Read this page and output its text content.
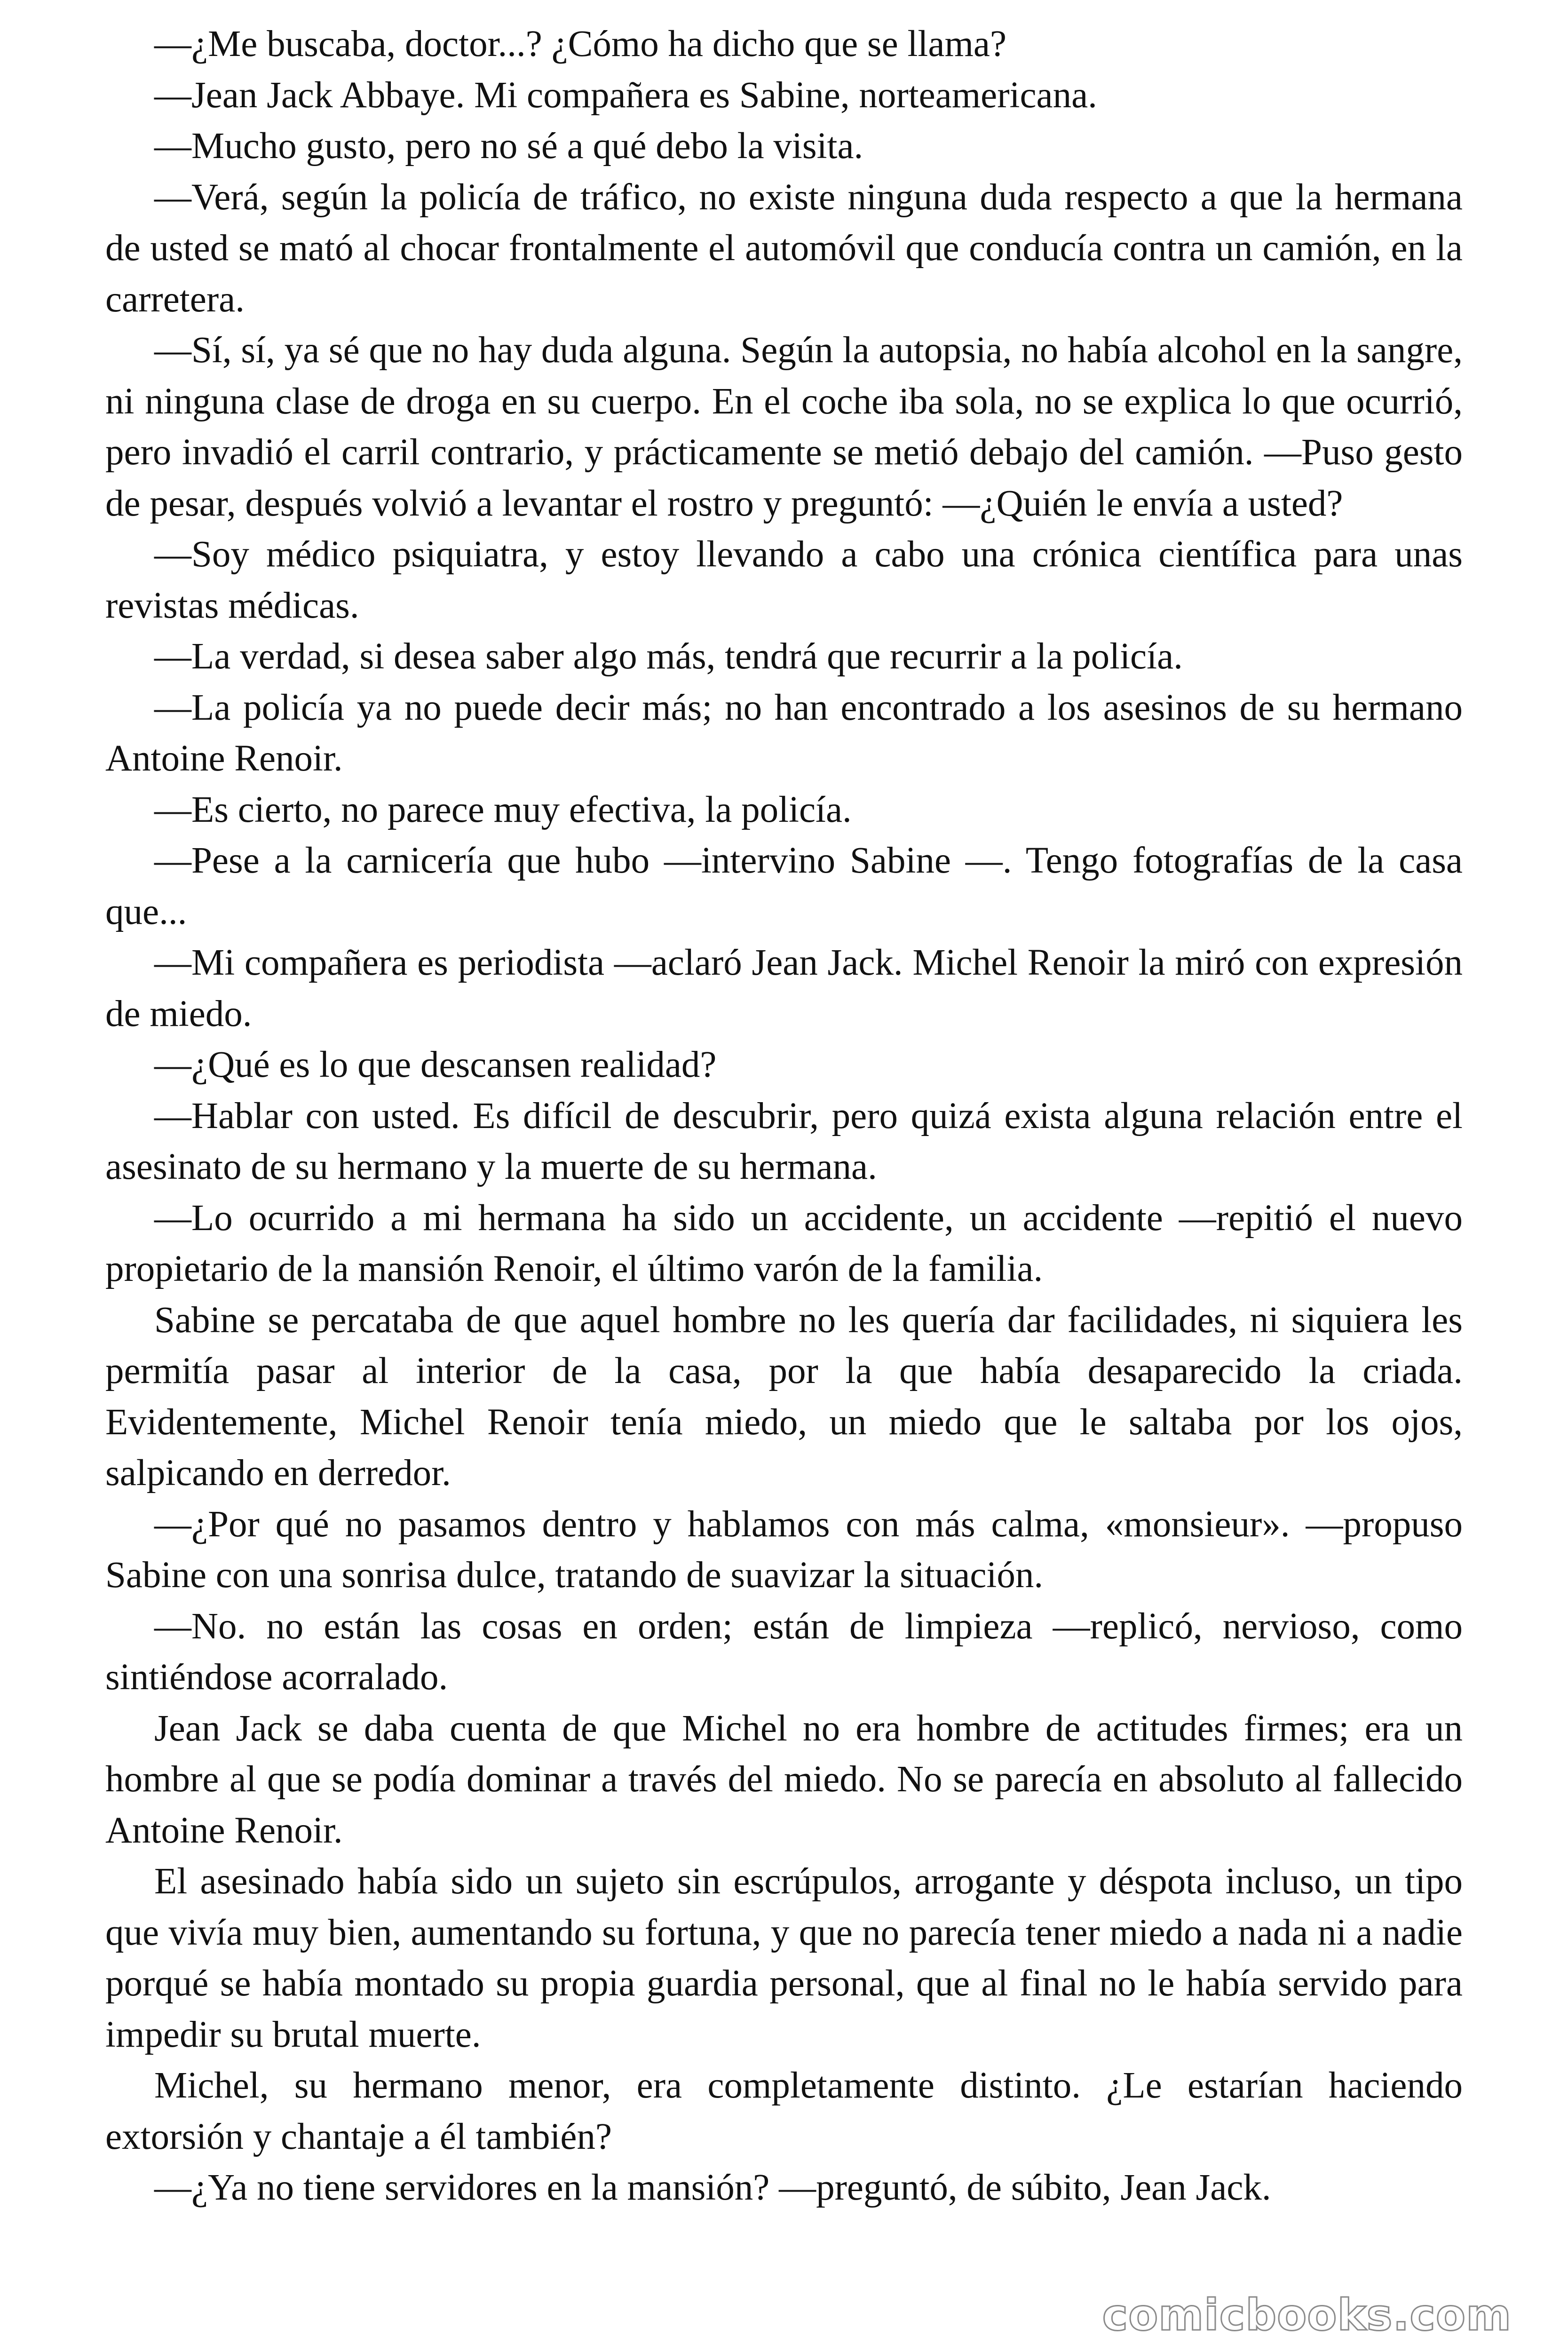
—¿Me buscaba, doctor...? ¿Cómo ha dicho que se llama?

—Jean Jack Abbaye. Mi compañera es Sabine, norteamericana.

—Mucho gusto, pero no sé a qué debo la visita.

—Verá, según la policía de tráfico, no existe ninguna duda respecto a que la hermana de usted se mató al chocar frontalmente el automóvil que conducía contra un camión, en la carretera.

—Sí, sí, ya sé que no hay duda alguna. Según la autopsia, no había alcohol en la sangre, ni ninguna clase de droga en su cuerpo. En el coche iba sola, no se explica lo que ocurrió, pero invadió el carril contrario, y prácticamente se metió debajo del camión. —Puso gesto de pesar, después volvió a levantar el rostro y preguntó: —¿Quién le envía a usted?

—Soy médico psiquiatra, y estoy llevando a cabo una crónica científica para unas revistas médicas.

—La verdad, si desea saber algo más, tendrá que recurrir a la policía.

—La policía ya no puede decir más; no han encontrado a los asesinos de su hermano Antoine Renoir.

—Es cierto, no parece muy efectiva, la policía.

—Pese a la carnicería que hubo —intervino Sabine —. Tengo fotografías de la casa que...

—Mi compañera es periodista —aclaró Jean Jack. Michel Renoir la miró con expresión de miedo.

—¿Qué es lo que descansen realidad?

—Hablar con usted. Es difícil de descubrir, pero quizá exista alguna relación entre el asesinato de su hermano y la muerte de su hermana.

—Lo ocurrido a mi hermana ha sido un accidente, un accidente —repitió el nuevo propietario de la mansión Renoir, el último varón de la familia.

Sabine se percataba de que aquel hombre no les quería dar facilidades, ni siquiera les permitía pasar al interior de la casa, por la que había desaparecido la criada. Evidentemente, Michel Renoir tenía miedo, un miedo que le saltaba por los ojos, salpicando en derredor.

—¿Por qué no pasamos dentro y hablamos con más calma, «monsieur». —propuso Sabine con una sonrisa dulce, tratando de suavizar la situación.

—No. no están las cosas en orden; están de limpieza —replicó, nervioso, como sintiéndose acorralado.

Jean Jack se daba cuenta de que Michel no era hombre de actitudes firmes; era un hombre al que se podía dominar a través del miedo. No se parecía en absoluto al fallecido Antoine Renoir.

El asesinado había sido un sujeto sin escrúpulos, arrogante y déspota incluso, un tipo que vivía muy bien, aumentando su fortuna, y que no parecía tener miedo a nada ni a nadie porqué se había montado su propia guardia personal, que al final no le había servido para impedir su brutal muerte.

Michel, su hermano menor, era completamente distinto. ¿Le estarían haciendo extorsión y chantaje a él también?

—¿Ya no tiene servidores en la mansión? —preguntó, de súbito, Jean Jack.

comicbooks.com
